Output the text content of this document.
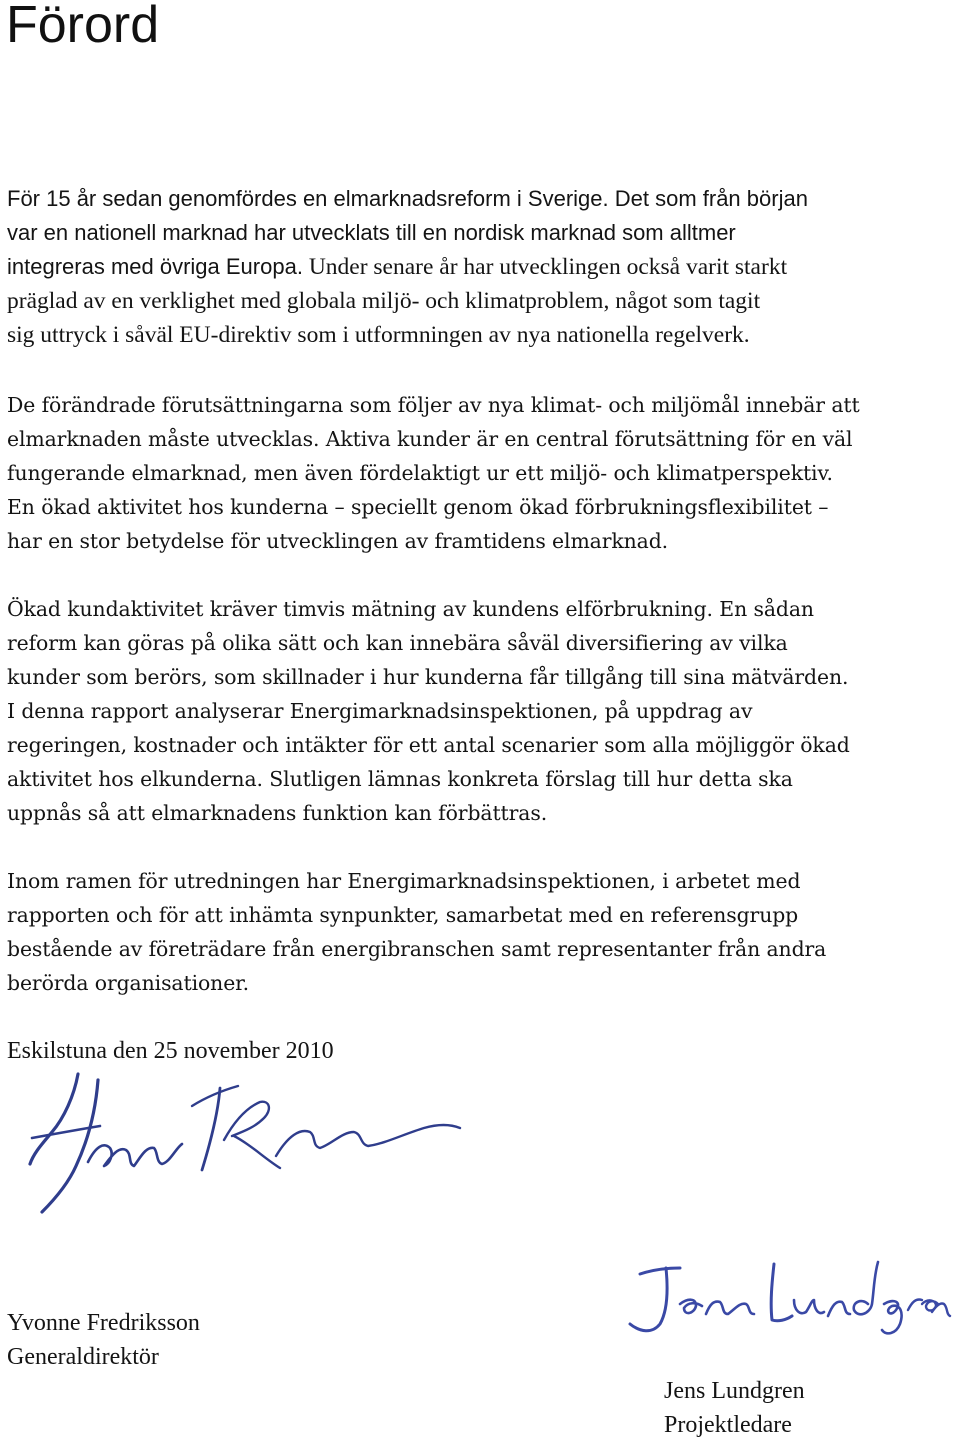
Förord

För 15 år sedan genomfördes en elmarknadsreform i Sverige. Det som från början
var en nationell marknad har utvecklats till en nordisk marknad som alltmer
integreras med övriga Europa. Under senare år har utvecklingen också varit starkt
präglad av en verklighet med globala miljö- och klimatproblem, något som tagit
sig uttryck i såväl EU-direktiv som i utformningen av nya nationella regelverk.

De förändrade förutsättningarna som följer av nya klimat- och miljömål innebär att
elmarknaden måste utvecklas. Aktiva kunder är en central förutsättning för en väl
fungerande elmarknad, men även fördelaktigt ur ett miljö- och klimatperspektiv.
En ökad aktivitet hos kunderna – speciellt genom ökad förbrukningsflexibilitet –
har en stor betydelse för utvecklingen av framtidens elmarknad.

Ökad kundaktivitet kräver timvis mätning av kundens elförbrukning. En sådan
reform kan göras på olika sätt och kan innebära såväl diversifiering av vilka
kunder som berörs, som skillnader i hur kunderna får tillgång till sina mätvärden.
I denna rapport analyserar Energimarknadsinspektionen, på uppdrag av
regeringen, kostnader och intäkter för ett antal scenarier som alla möjliggör ökad
aktivitet hos elkunderna. Slutligen lämnas konkreta förslag till hur detta ska
uppnås så att elmarknadens funktion kan förbättras.

Inom ramen för utredningen har Energimarknadsinspektionen, i arbetet med
rapporten och för att inhämta synpunkter, samarbetat med en referensgrupp
bestående av företrädare från energibranschen samt representanter från andra
berörda organisationer.

Eskilstuna den 25 november 2010

Yvonne Fredriksson
Generaldirektör

Jens Lundgren
Projektledare
